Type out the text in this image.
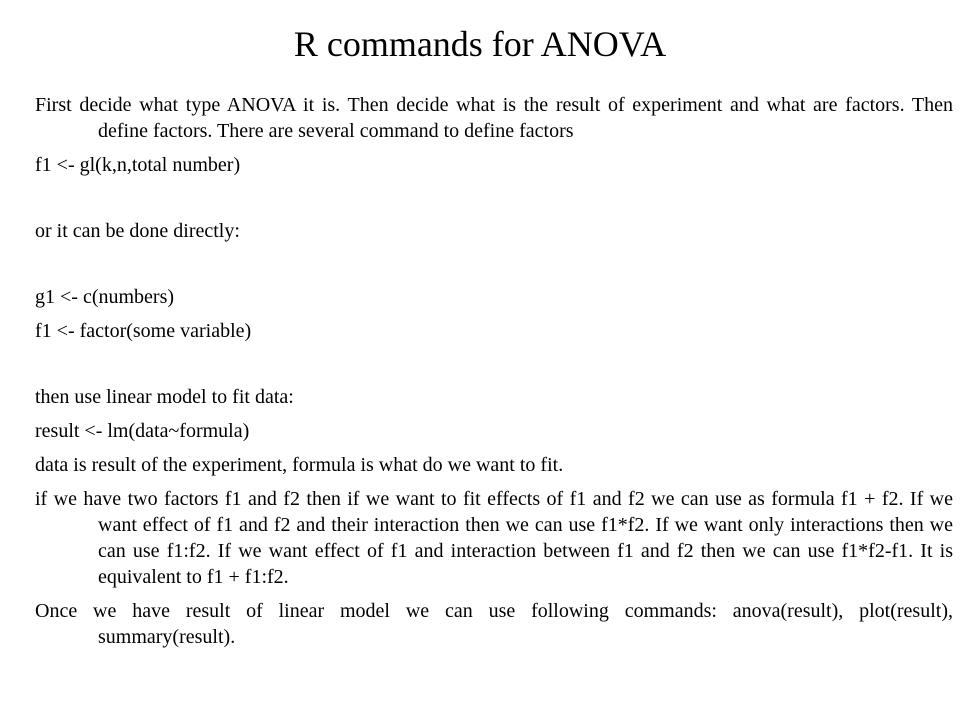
R commands for ANOVA

First decide what type ANOVA it is. Then decide what is the result of experiment and what are factors. Then define factors. There are several command to define factors

f1 <- gl(k,n,total number)

or it can be done directly:

g1 <- c(numbers)

f1 <- factor(some variable)

then use linear model to fit data:

result <- lm(data~formula)

data is result of the experiment, formula is what do we want to fit.

if we have two factors f1 and f2 then if we want to fit effects of f1 and f2 we can use as formula f1 + f2. If we want effect of f1 and f2 and their interaction then we can use f1*f2. If we want only interactions then we can use f1:f2. If we want effect of f1 and interaction between f1 and f2 then we can use f1*f2-f1. It is equivalent to f1 + f1:f2.

Once we have result of linear model we can use following commands: anova(result), plot(result), summary(result).
